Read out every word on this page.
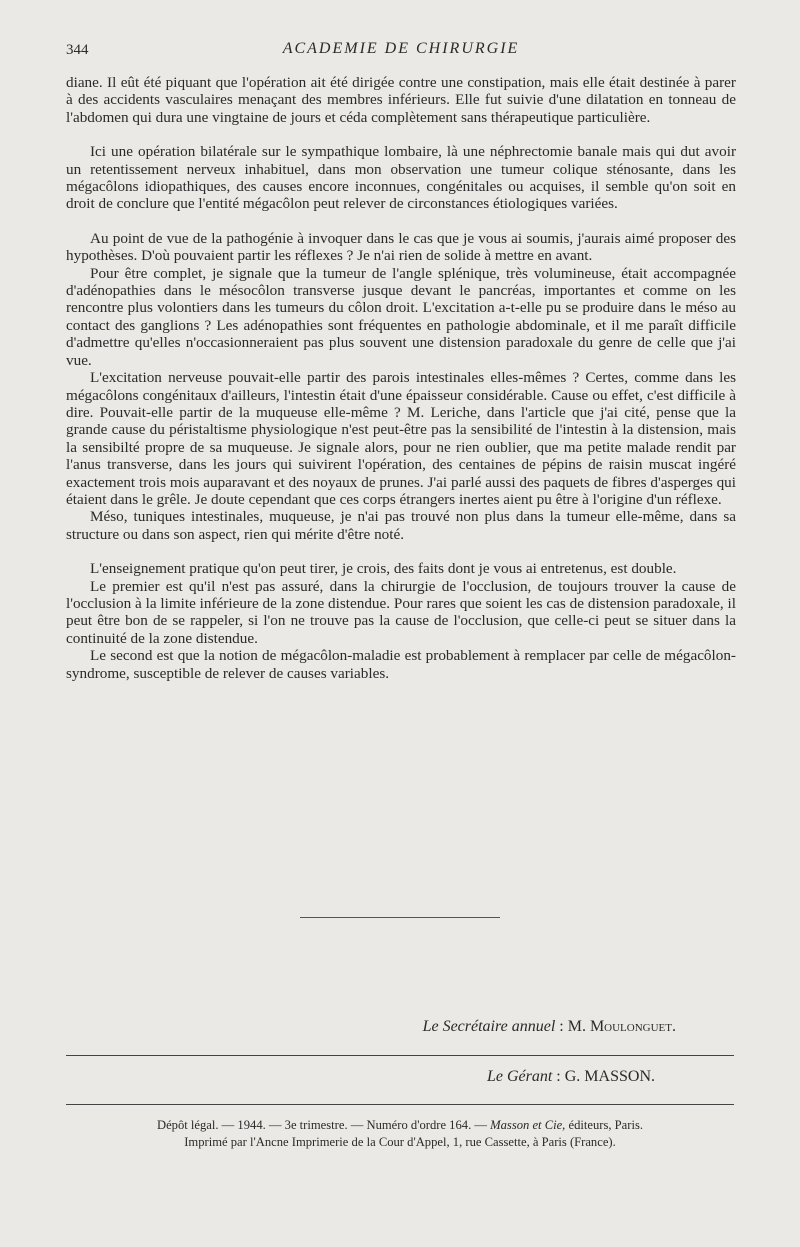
344	ACADEMIE DE CHIRURGIE

diane. Il eût été piquant que l'opération ait été dirigée contre une constipation, mais elle était destinée à parer à des accidents vasculaires menaçant des membres inférieurs. Elle fut suivie d'une dilatation en tonneau de l'abdomen qui dura une vingtaine de jours et céda complètement sans thérapeutique particulière.

Ici une opération bilatérale sur le sympathique lombaire, là une néphrectomie banale mais qui dut avoir un retentissement nerveux inhabituel, dans mon observation une tumeur colique sténosante, dans les mégacôlons idiopathiques, des causes encore inconnues, congénitales ou acquises, il semble qu'on soit en droit de conclure que l'entité mégacôlon peut relever de circonstances étiologiques variées.

Au point de vue de la pathogénie à invoquer dans le cas que je vous ai soumis, j'aurais aimé proposer des hypothèses. D'où pouvaient partir les réflexes ? Je n'ai rien de solide à mettre en avant.

Pour être complet, je signale que la tumeur de l'angle splénique, très volumineuse, était accompagnée d'adénopathies dans le mésocôlon transverse jusque devant le pancréas, importantes et comme on les rencontre plus volontiers dans les tumeurs du côlon droit. L'excitation a-t-elle pu se produire dans le méso au contact des ganglions ? Les adénopathies sont fréquentes en pathologie abdominale, et il me paraît difficile d'admettre qu'elles n'occasionneraient pas plus souvent une distension paradoxale du genre de celle que j'ai vue.

L'excitation nerveuse pouvait-elle partir des parois intestinales elles-mêmes ? Certes, comme dans les mégacôlons congénitaux d'ailleurs, l'intestin était d'une épaisseur considérable. Cause ou effet, c'est difficile à dire. Pouvait-elle partir de la muqueuse elle-même ? M. Leriche, dans l'article que j'ai cité, pense que la grande cause du péristaltisme physiologique n'est peut-être pas la sensibilité de l'intestin à la distension, mais la sensibilté propre de sa muqueuse. Je signale alors, pour ne rien oublier, que ma petite malade rendit par l'anus transverse, dans les jours qui suivirent l'opération, des centaines de pépins de raisin muscat ingéré exactement trois mois auparavant et des noyaux de prunes. J'ai parlé aussi des paquets de fibres d'asperges qui étaient dans le grêle. Je doute cependant que ces corps étrangers inertes aient pu être à l'origine d'un réflexe.

Méso, tuniques intestinales, muqueuse, je n'ai pas trouvé non plus dans la tumeur elle-même, dans sa structure ou dans son aspect, rien qui mérite d'être noté.

L'enseignement pratique qu'on peut tirer, je crois, des faits dont je vous ai entretenus, est double.

Le premier est qu'il n'est pas assuré, dans la chirurgie de l'occlusion, de toujours trouver la cause de l'occlusion à la limite inférieure de la zone distendue. Pour rares que soient les cas de distension paradoxale, il peut être bon de se rappeler, si l'on ne trouve pas la cause de l'occlusion, que celle-ci peut se situer dans la continuité de la zone distendue.

Le second est que la notion de mégacôlon-maladie est probablement à remplacer par celle de mégacôlon-syndrome, susceptible de relever de causes variables.

Le Secrétaire annuel : M. Moulonguet.
Le Gérant : G. MASSON.
Dépôt légal. — 1944. — 3e trimestre. — Numéro d'ordre 164. — Masson et Cie, éditeurs, Paris.
Imprimé par l'Ancne Imprimerie de la Cour d'Appel, 1, rue Cassette, à Paris (France).
